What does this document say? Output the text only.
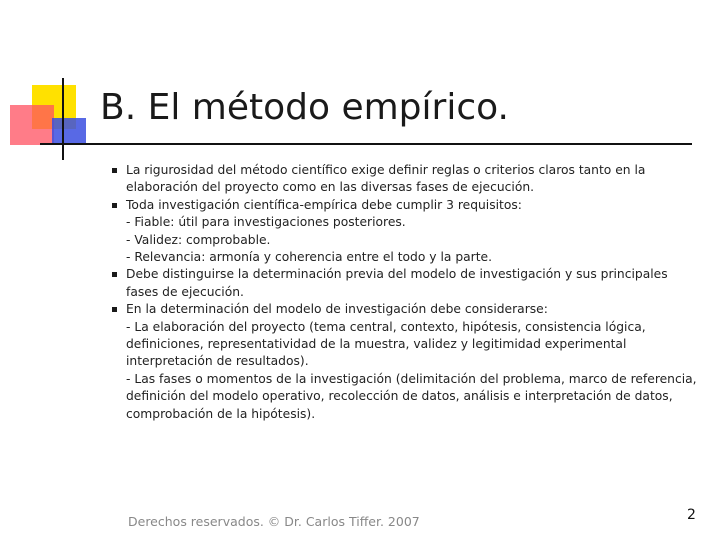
B. El método empírico.
La rigurosidad del método científico exige definir reglas o criterios claros tanto en la
elaboración del proyecto como en las diversas fases de ejecución.
Toda investigación científica-empírica debe cumplir 3 requisitos:
- Fiable: útil para investigaciones posteriores.
- Validez: comprobable.
- Relevancia: armonía y coherencia entre el todo y la parte.
Debe distinguirse la determinación previa del modelo de investigación y sus principales
fases de ejecución.
En la determinación del modelo de investigación debe considerarse:
- La elaboración del proyecto (tema central, contexto, hipótesis, consistencia lógica,
definiciones, representatividad de la muestra, validez y legitimidad experimental
interpretación de resultados).
- Las fases o momentos de la investigación (delimitación del problema, marco de referencia,
definición del modelo operativo, recolección de datos, análisis e interpretación de datos,
comprobación de la hipótesis).
Derechos reservados. © Dr. Carlos Tiffer. 2007	2
